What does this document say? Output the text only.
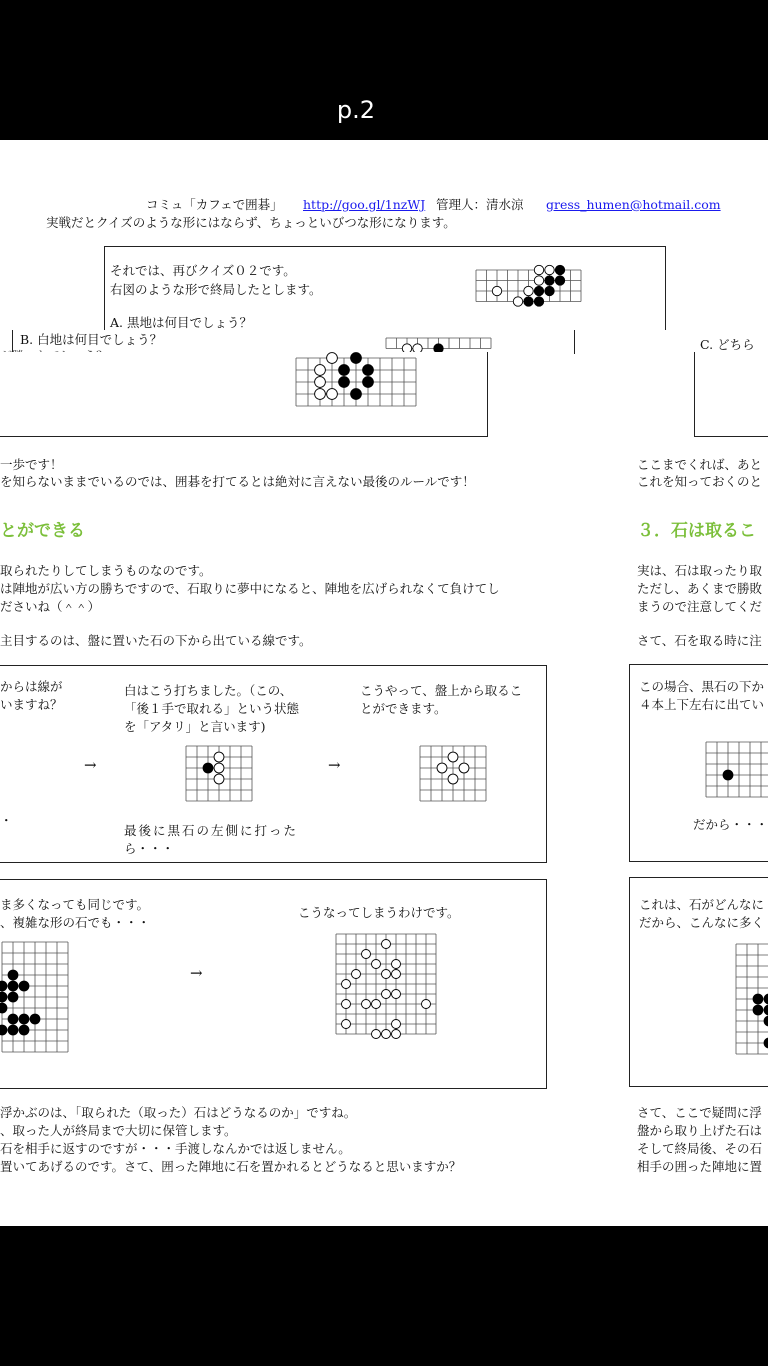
p.2
コミュ「カフェで囲碁」 http://goo.gl/1nzWJ 管理人：清水涼 gress_humen@hotmail.com
実戦だとクイズのような形にはならず、ちょっといびつな形になります。
それでは、再びクイズ０２です。
右図のような形で終局したとします。
A. 黒地は何目でしょう？
B. 白地は何目でしょう？	C. どちら
一歩です！
を知らないままでいるのでは、囲碁を打てるとは絶対に言えない最後のルールです！
とができる
取られたりしてしまうものなのです。
は陣地が広い方の勝ちですので、石取りに夢中になると、陣地を広げられなくて負けてし
ださいね（＾＾）
主目するのは、盤に置いた石の下から出ている線です。
からは線が
いますね？
・
白はこう打ちました。（この、
「後１手で取れる」という状態
を「アタリ」と言います)
最後に黒石の左側に打った
ら・・・
こうやって、盤上から取るこ
とができます。
→	→
ま多くなっても同じです。
、複雑な形の石でも・・・
こうなってしまうわけです。
→
浮かぶのは、「取られた（取った）石はどうなるのか」ですね。
、取った人が終局まで大切に保管します。
石を相手に返すのですが・・・手渡しなんかでは返しません。
置いてあげるのです。さて、囲った陣地に石を置かれるとどうなると思いますか？
ここまでくれば、あと
これを知っておくのと
３．石は取るこ
実は、石は取ったり取
ただし、あくまで勝敗
まうので注意してくだ
さて、石を取る時に注
この場合、黒石の下か
４本上下左右に出てい
だから・・・
これは、石がどんなに
だから、こんなに多く
さて、ここで疑問に浮
盤から取り上げた石は
そして終局後、その石
相手の囲った陣地に置
